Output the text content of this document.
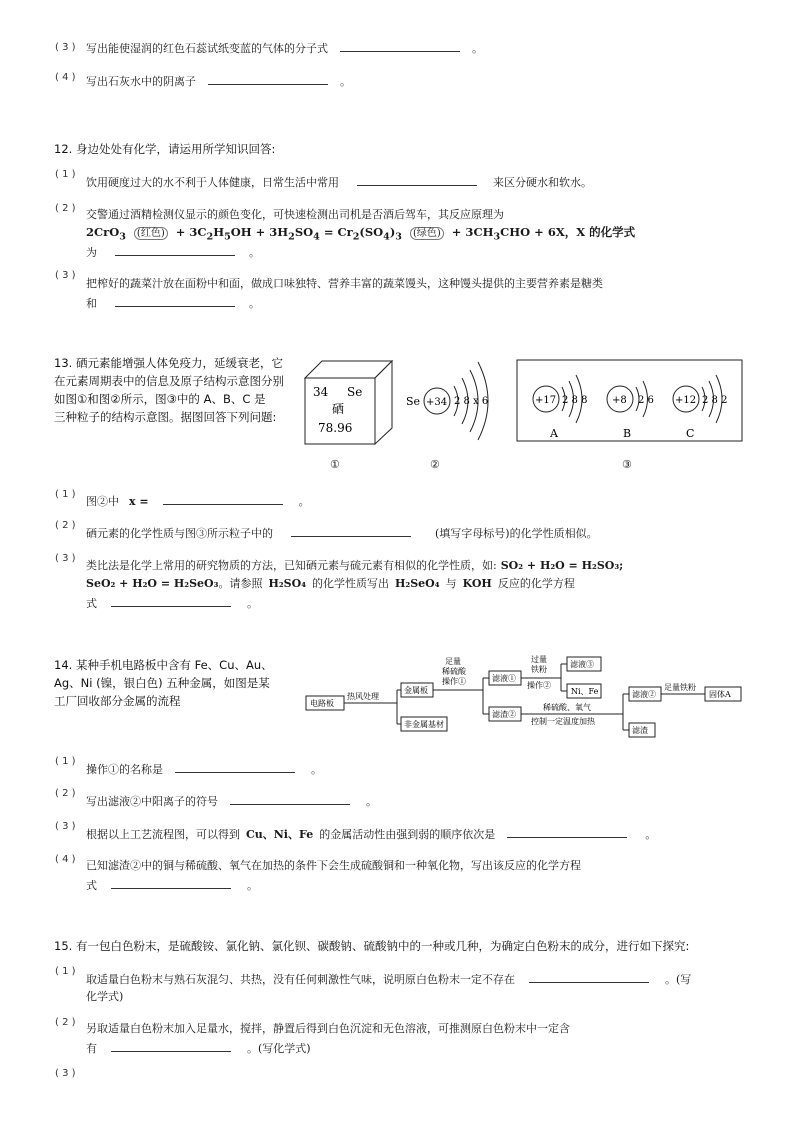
( 3 ) 写出能使湿润的红色石蕊试纸变蓝的气体的分子式	。
( 4 ) 写出石灰水中的阴离子	。
12. 身边处处有化学，请运用所学知识回答:
( 1 )
饮用硬度过大的水不利于人体健康，日常生活中常用	来区分硬水和软水。
( 2 ) 交警通过酒精检测仪显示的颜色变化，可快速检测出司机是否酒后驾车，其反应原理为
2CrO$_3$ (红色) + $3C_2H_5OH + 3H_2SO_4 = Cr_2(SO_4)_3$ (绿色) + $3CH_3CHO + 6X$，X 的化学式
为	。
( 3 )
把榨好的蔬菜汁放在面粉中和面，做成口味独特、营养丰富的蔬菜馒头，这种馒头提供的主要营养素是糖类
和	。
13. 硒元素能增强人体免疫力，延缓衰老，它
在元素周期表中的信息及原子结构示意图分别
如图①和图②所示，图③中的 A、B、C 是
三种粒子的结构示意图。据图回答下列问题:
34 Se
硒
78.96
Se +34 2 8 x 6	+17 2 8 8
A
+8 2 6
B
+12 2 8 2
C
①	②	③
( 1 )
图②中 x =	。
( 2 )
硒元素的化学性质与图③所示粒子中的	(填写字母标号)的化学性质相似。
( 3 )
类比法是化学上常用的研究物质的方法，已知硒元素与硫元素有相似的化学性质，如: SO₂ + H₂O = H₂SO₃;
SeO₂ + H₂O = H₂SeO₃。请参照 H₂SO₄ 的化学性质写出 H₂SeO₄ 与 KOH 反应的化学方程
式	。
14. 某种手机电路板中含有 Fe、Cu、Au、
Ag、Ni (镍，银白色) 五种金属，如图是某
工厂回收部分金属的流程	电路板
热风处理
金属板
非金属基材
足量
稀硫酸
操作①	滤液①
过量
铁粉
操作②
滤液③
Ni、Fe
滤渣②
稀硫酸、氧气
控制一定温度加热
滤液②
滤渣
足量铁粉
固体A
( 1 )
操作①的名称是	。
( 2 )
写出滤液②中阳离子的符号	。
( 3 )
根据以上工艺流程图，可以得到 Cu、Ni、Fe 的金属活动性由强到弱的顺序依次是	。
( 4 ) 已知滤渣②中的铜与稀硫酸、氧气在加热的条件下会生成硫酸铜和一种氧化物，写出该反应的化学方程
式	。
15. 有一包白色粉末，是硫酸铵、氯化钠、氯化钡、碳酸钠、硫酸钠中的一种或几种，为确定白色粉末的成分，进行如下探究:
( 1 )
取适量白色粉末与熟石灰混匀、共热，没有任何刺激性气味，说明原白色粉末一定不存在	。(写
化学式)
( 2 ) 另取适量白色粉末加入足量水，搅拌，静置后得到白色沉淀和无色溶液，可推测原白色粉末中一定含
有	。(写化学式)
( 3 )
